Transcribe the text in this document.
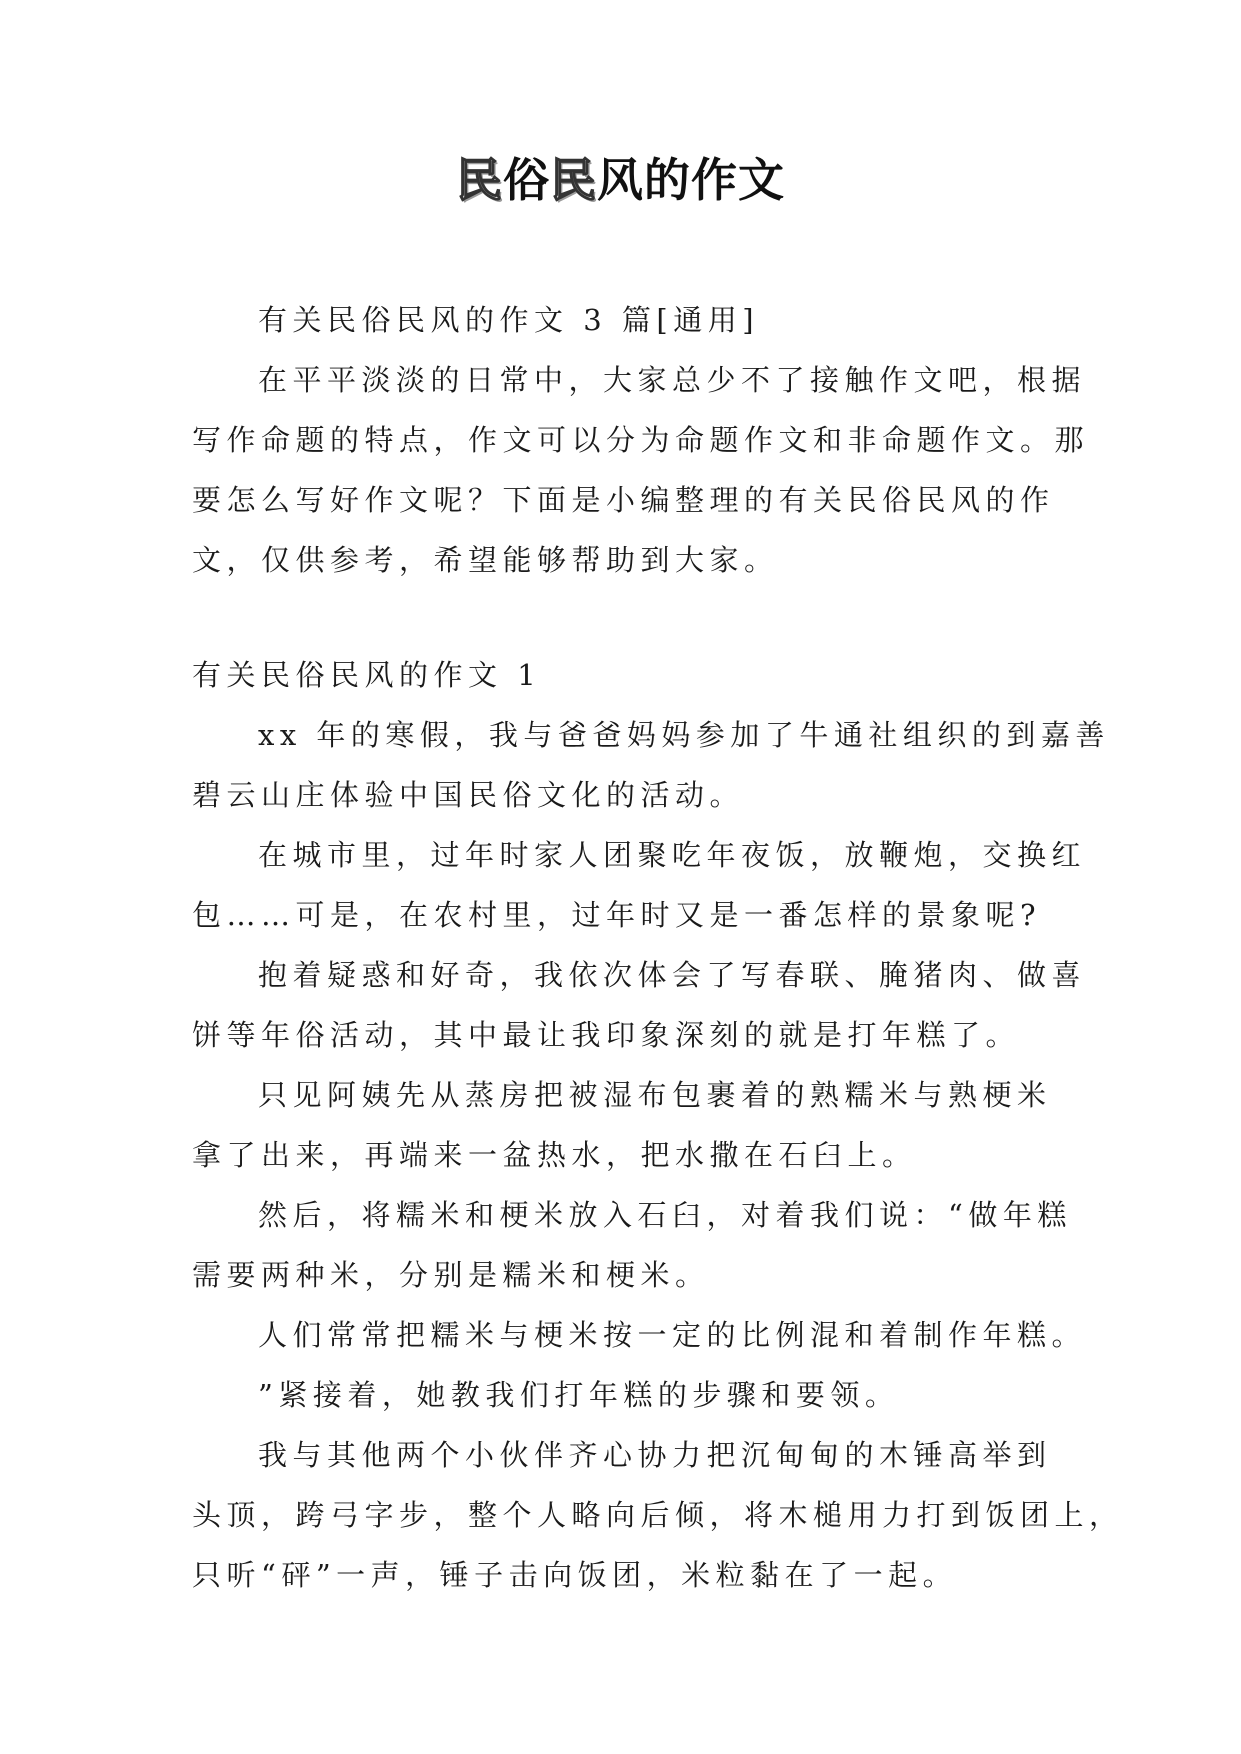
民俗民风的作文

有关民俗民风的作文 3 篇[通用]

在平平淡淡的日常中，大家总少不了接触作文吧，根据

写作命题的特点，作文可以分为命题作文和非命题作文。那

要怎么写好作文呢？下面是小编整理的有关民俗民风的作

文，仅供参考，希望能够帮助到大家。

有关民俗民风的作文 1

xx 年的寒假，我与爸爸妈妈参加了牛通社组织的到嘉善

碧云山庄体验中国民俗文化的活动。

在城市里，过年时家人团聚吃年夜饭，放鞭炮，交换红

包……可是，在农村里，过年时又是一番怎样的景象呢?

抱着疑惑和好奇，我依次体会了写春联、腌猪肉、做喜

饼等年俗活动，其中最让我印象深刻的就是打年糕了。

只见阿姨先从蒸房把被湿布包裹着的熟糯米与熟梗米

拿了出来，再端来一盆热水，把水撒在石臼上。

然后，将糯米和梗米放入石臼，对着我们说：“做年糕

需要两种米，分别是糯米和梗米。

人们常常把糯米与梗米按一定的比例混和着制作年糕。

”紧接着，她教我们打年糕的步骤和要领。

我与其他两个小伙伴齐心协力把沉甸甸的木锤高举到

头顶，跨弓字步，整个人略向后倾，将木槌用力打到饭团上，

只听“砰”一声，锤子击向饭团，米粒黏在了一起。
